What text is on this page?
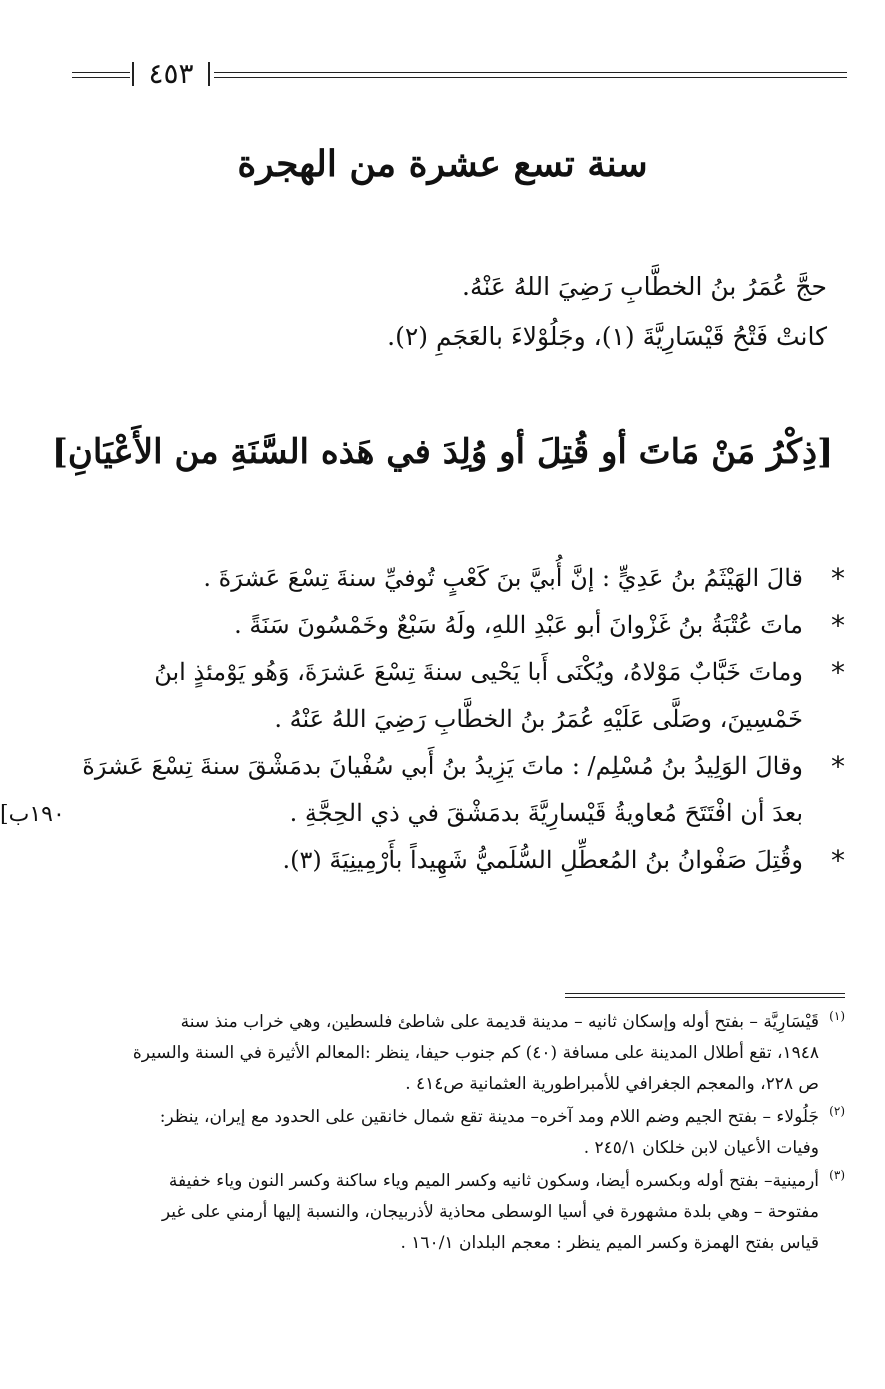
٤٥٣
سنة تسع عشرة من الهجرة

حجَّ عُمَرُ بنُ الخطَّابِ رَضِيَ اللهُ عَنْهُ.

كانتْ فَتْحُ قَيْسَارِيَّةَ (١)، وجَلُوْلاءَ بالعَجَمِ (٢).

[ذِكْرُ مَنْ مَاتَ أو قُتِلَ أو وُلِدَ في هَذه السَّنَةِ من الأَعْيَانِ]
*
قالَ الهَيْثَمُ بنُ عَدِيٍّ : إنَّ أُبيَّ بنَ كَعْبٍ تُوفيِّ سنةَ تِسْعَ عَشرَةَ .
*
ماتَ عُتْبَةُ بنُ غَزْوانَ أبو عَبْدِ اللهِ، ولَهُ سَبْعٌ وخَمْسُونَ سَنَةً .
*
وماتَ خَبَّابٌ مَوْلاهُ، ويُكْنَى أَبا يَحْيى سنةَ تِسْعَ عَشرَةَ، وَهُو يَوْمئذٍ ابنُ
خَمْسِينَ، وصَلَّى عَلَيْهِ عُمَرُ بنُ الخطَّابِ رَضِيَ اللهُ عَنْهُ .
*
وقالَ الوَلِيدُ بنُ مُسْلِم/ : ماتَ يَزِيدُ بنُ أَبي سُفْيانَ بدمَشْقَ سنةَ تِسْعَ عَشرَةَ
بعدَ أن افْتَتَحَ مُعاويةُ قَيْسارِيَّةَ بدمَشْقَ في ذي الحِجَّةِ .
*
وقُتِلَ صَفْوانُ بنُ المُعطِّلِ السُّلَميُّ شَهِيداً بأَرْمِينِيَةَ (٣).
[١٩٠ب
(١)
قَيْسَارِيَّة – بفتح أوله وإسكان ثانيه – مدينة قديمة على شاطئ فلسطين، وهي خراب منذ سنة
١٩٤٨، تقع أطلال المدينة على مسافة (٤٠) كم جنوب حيفا، ينظر :المعالم الأثيرة في السنة والسيرة
ص ٢٢٨، والمعجم الجغرافي للأمبراطورية العثمانية ص٤١٤ .
(٢)
جَلُولاء – بفتح الجيم وضم اللام ومد آخره– مدينة تقع شمال خانقين على الحدود مع إيران، ينظر:
وفيات الأعيان لابن خلكان ٢٤٥/١ .
(٣)
أرمينية– بفتح أوله وبكسره أيضا، وسكون ثانيه وكسر الميم وياء ساكنة وكسر النون وياء خفيفة
مفتوحة – وهي بلدة مشهورة في أسيا الوسطى محاذية لأذربيجان، والنسبة إليها أرمني على غير
قياس بفتح الهمزة وكسر الميم ينظر : معجم البلدان ١٦٠/١ .
